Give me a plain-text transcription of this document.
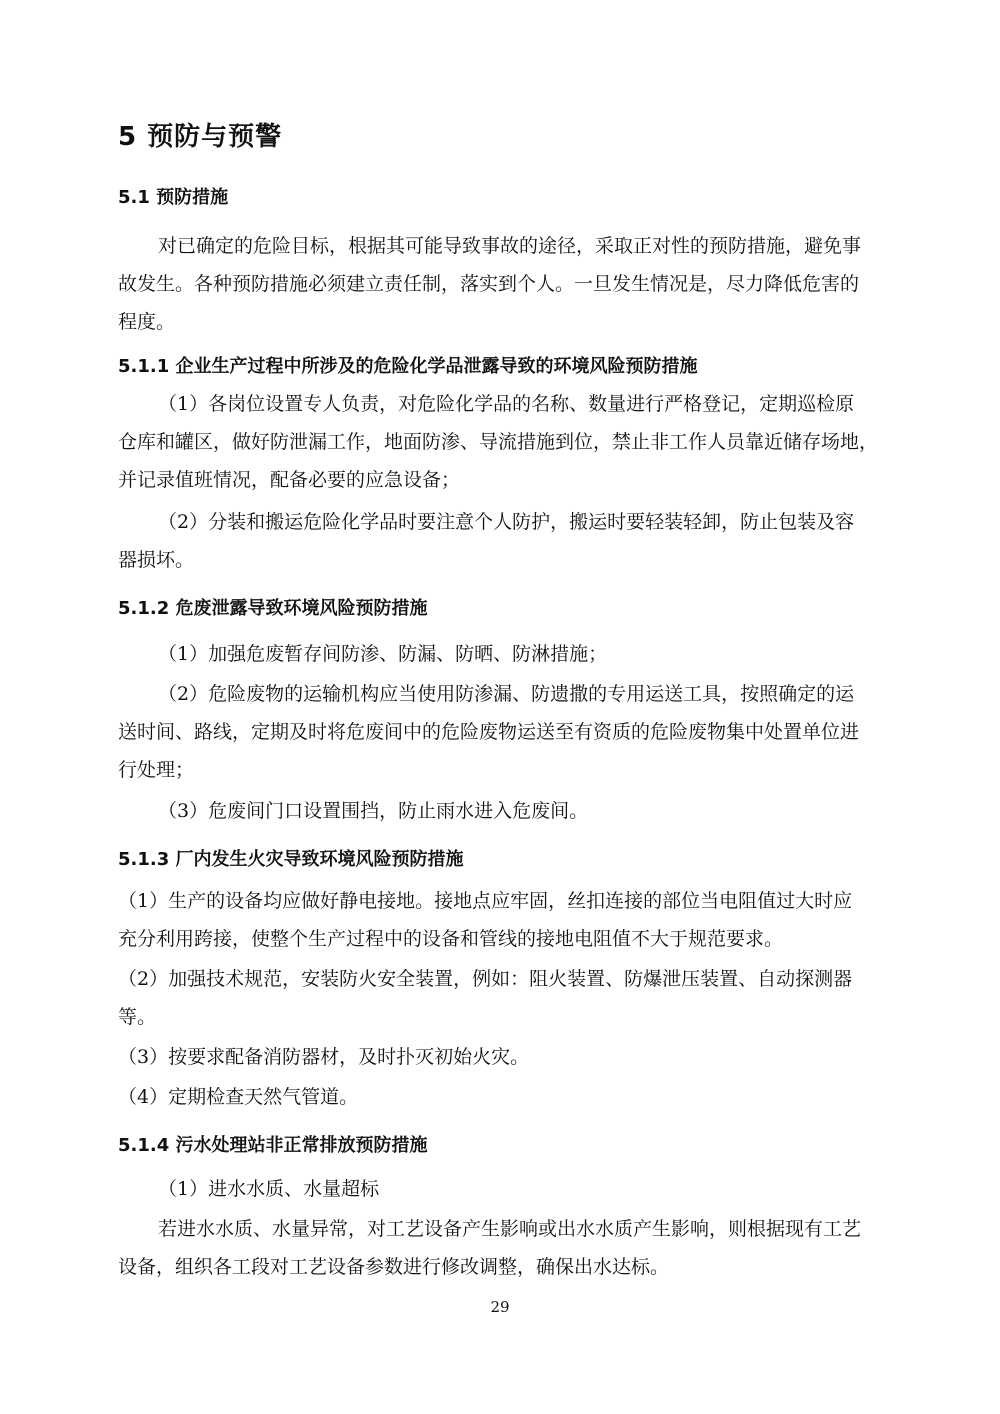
5 预防与预警
5.1 预防措施
对已确定的危险目标，根据其可能导致事故的途径，采取正对性的预防措施，避免事
故发生。各种预防措施必须建立责任制，落实到个人。一旦发生情况是，尽力降低危害的
程度。
5.1.1 企业生产过程中所涉及的危险化学品泄露导致的环境风险预防措施
（1）各岗位设置专人负责，对危险化学品的名称、数量进行严格登记，定期巡检原
仓库和罐区，做好防泄漏工作，地面防渗、导流措施到位，禁止非工作人员靠近储存场地，
并记录值班情况，配备必要的应急设备；
（2）分装和搬运危险化学品时要注意个人防护，搬运时要轻装轻卸，防止包装及容
器损坏。
5.1.2 危废泄露导致环境风险预防措施
（1）加强危废暂存间防渗、防漏、防晒、防淋措施；
（2）危险废物的运输机构应当使用防渗漏、防遗撒的专用运送工具，按照确定的运
送时间、路线，定期及时将危废间中的危险废物运送至有资质的危险废物集中处置单位进
行处理；
（3）危废间门口设置围挡，防止雨水进入危废间。
5.1.3 厂内发生火灾导致环境风险预防措施
（1）生产的设备均应做好静电接地。接地点应牢固，丝扣连接的部位当电阻值过大时应
充分利用跨接，使整个生产过程中的设备和管线的接地电阻值不大于规范要求。
（2）加强技术规范，安装防火安全装置，例如：阻火装置、防爆泄压装置、自动探测器
等。
（3）按要求配备消防器材，及时扑灭初始火灾。
（4）定期检查天然气管道。
5.1.4 污水处理站非正常排放预防措施
（1）进水水质、水量超标
若进水水质、水量异常，对工艺设备产生影响或出水水质产生影响，则根据现有工艺
设备，组织各工段对工艺设备参数进行修改调整，确保出水达标。
29
